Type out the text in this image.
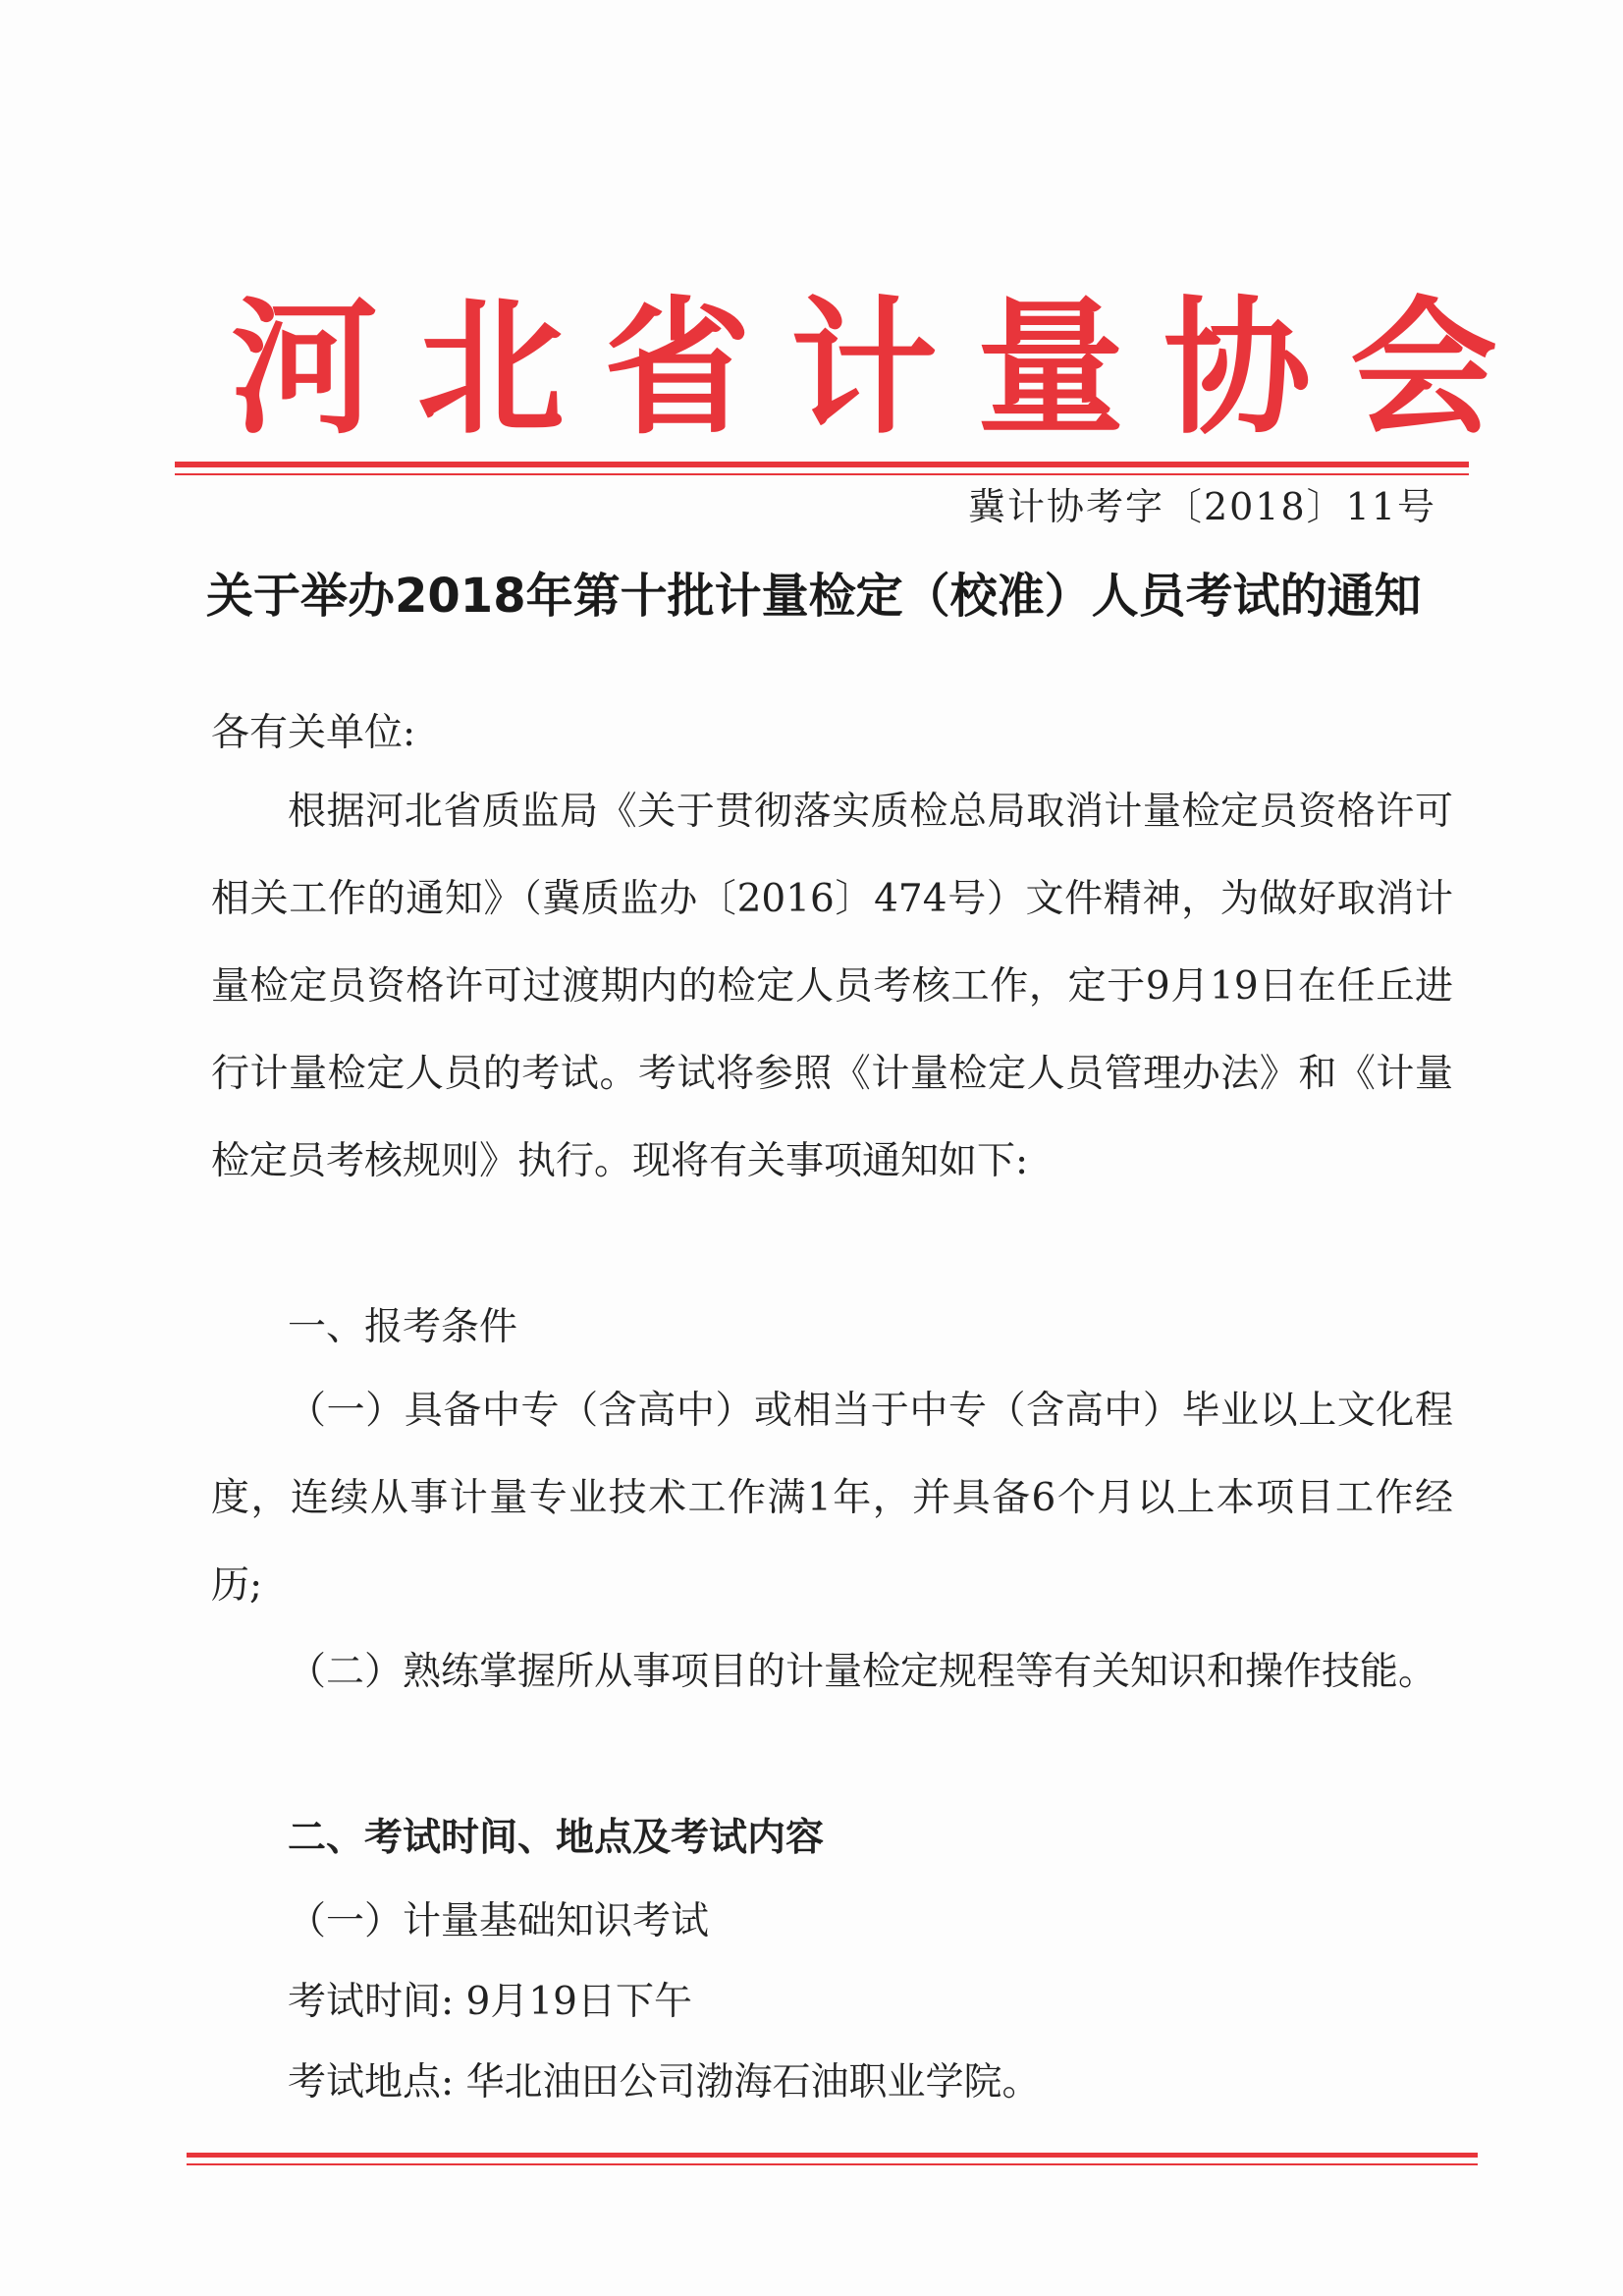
河北省计量协会
冀计协考字〔2018〕11号
关于举办2018年第十批计量检定（校准）人员考试的通知
各有关单位:
根据河北省质监局《关于贯彻落实质检总局取消计量检定员资格许可相关工作的通知》（冀质监办〔2016〕474号）文件精神，为做好取消计量检定员资格许可过渡期内的检定人员考核工作，定于9月19日在任丘进行计量检定人员的考试。考试将参照《计量检定人员管理办法》和《计量检定员考核规则》执行。现将有关事项通知如下:
一、报考条件
（一）具备中专（含高中）或相当于中专（含高中）毕业以上文化程度，连续从事计量专业技术工作满1年，并具备6个月以上本项目工作经历;
（二）熟练掌握所从事项目的计量检定规程等有关知识和操作技能。
二、考试时间、地点及考试内容
（一）计量基础知识考试
考试时间: 9月19日下午
考试地点: 华北油田公司渤海石油职业学院。
